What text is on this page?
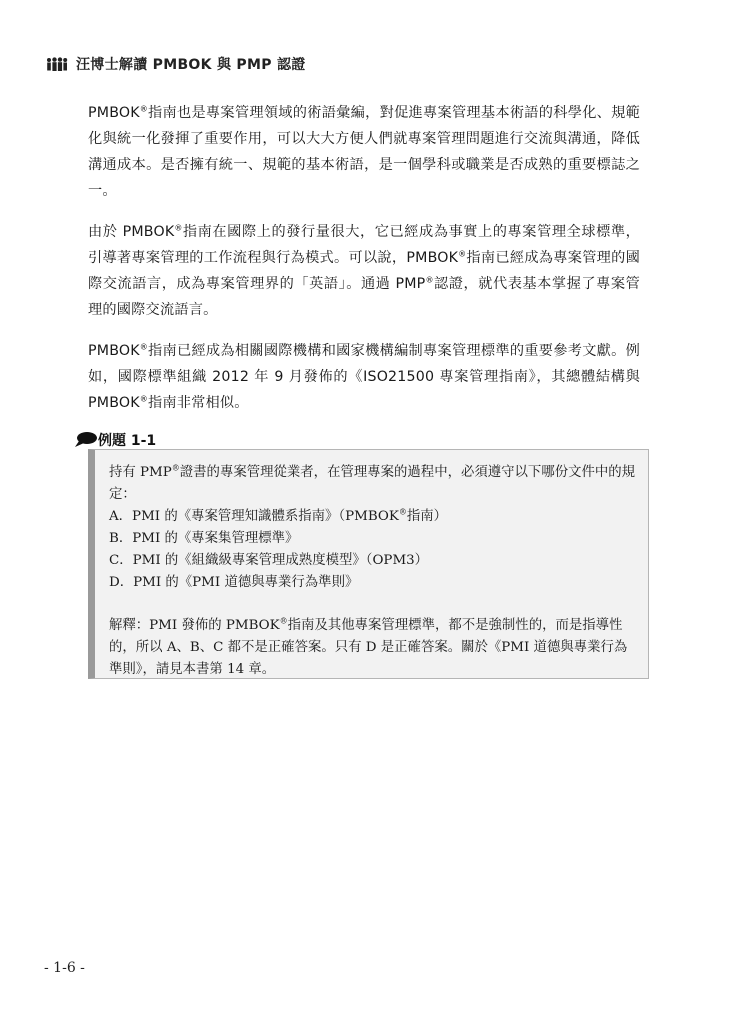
汪博士解讀 PMBOK 與 PMP 認證

PMBOK®指南也是專案管理領域的術語彙編，對促進專案管理基本術語的科學化、規範化與統一化發揮了重要作用，可以大大方便人們就專案管理問題進行交流與溝通，降低溝通成本。是否擁有統一、規範的基本術語，是一個學科或職業是否成熟的重要標誌之一。

由於 PMBOK®指南在國際上的發行量很大，它已經成為事實上的專案管理全球標準，引導著專案管理的工作流程與行為模式。可以說，PMBOK®指南已經成為專案管理的國際交流語言，成為專案管理界的「英語」。通過 PMP®認證，就代表基本掌握了專案管理的國際交流語言。

PMBOK®指南已經成為相關國際機構和國家機構編制專案管理標準的重要參考文獻。例如，國際標準組織 2012 年 9 月發佈的《ISO21500 專案管理指南》，其總體結構與 PMBOK®指南非常相似。

例題 1-1

持有 PMP®證書的專案管理從業者，在管理專案的過程中，必須遵守以下哪份文件中的規定：

A．PMI 的《專案管理知識體系指南》（PMBOK®指南）

B．PMI 的《專案集管理標準》

C．PMI 的《組織級專案管理成熟度模型》（OPM3）

D．PMI 的《PMI 道德與專業行為準則》

解釋：PMI 發佈的 PMBOK®指南及其他專案管理標準，都不是強制性的，而是指導性的，所以 A、B、C 都不是正確答案。只有 D 是正確答案。關於《PMI 道德與專業行為準則》，請見本書第 14 章。

- 1-6 -
